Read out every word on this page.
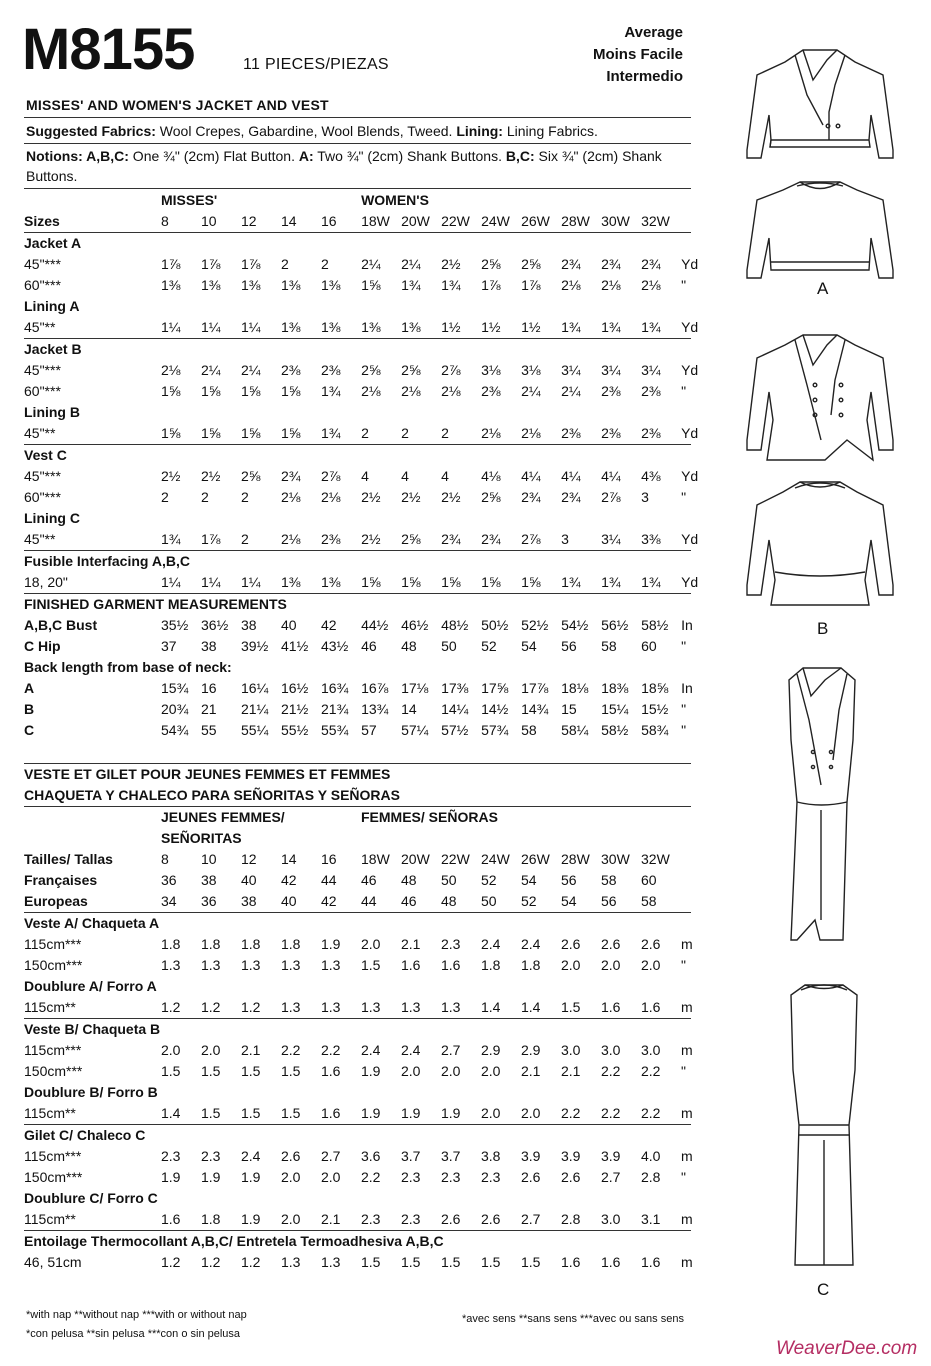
M8155	11 PIECES/PIEZAS
Average
Moins Facile
Intermedio
MISSES' AND WOMEN'S JACKET AND VEST
Suggested Fabrics: Wool Crepes, Gabardine, Wool Blends, Tweed. Lining: Lining Fabrics.
Notions: A,B,C: One ¾" (2cm) Flat Button. A: Two ¾" (2cm) Shank Buttons. B,C: Six ¾" (2cm) Shank
Buttons.
	MISSES'					WOMEN'S								
Sizes	8	10	12	14	16	18W	20W	22W	24W	26W	28W	30W	32W	
Jacket A														
45"***	1⅞	1⅞	1⅞	2	2	2¼	2¼	2½	2⅝	2⅝	2¾	2¾	2¾	Yd
60"***	1⅜	1⅜	1⅜	1⅜	1⅜	1⅝	1¾	1¾	1⅞	1⅞	2⅛	2⅛	2⅛	"
Lining A														
45"**	1¼	1¼	1¼	1⅜	1⅜	1⅜	1⅜	1½	1½	1½	1¾	1¾	1¾	Yd
Jacket B														
45"***	2⅛	2¼	2¼	2⅜	2⅜	2⅝	2⅝	2⅞	3⅛	3⅛	3¼	3¼	3¼	Yd
60"***	1⅝	1⅝	1⅝	1⅝	1¾	2⅛	2⅛	2⅛	2⅜	2¼	2¼	2⅜	2⅜	"
Lining B														
45"**	1⅝	1⅝	1⅝	1⅝	1¾	2	2	2	2⅛	2⅛	2⅜	2⅜	2⅜	Yd
Vest C														
45"***	2½	2½	2⅝	2¾	2⅞	4	4	4	4⅛	4¼	4¼	4¼	4⅜	Yd
60"***	2	2	2	2⅛	2⅛	2½	2½	2½	2⅝	2¾	2¾	2⅞	3	"
Lining C														
45"**	1¾	1⅞	2	2⅛	2⅜	2½	2⅝	2¾	2¾	2⅞	3	3¼	3⅜	Yd
Fusible Interfacing A,B,C														
18, 20"	1¼	1¼	1¼	1⅜	1⅜	1⅝	1⅝	1⅝	1⅝	1⅝	1¾	1¾	1¾	Yd
FINISHED GARMENT MEASUREMENTS														
A,B,C Bust	35½	36½	38	40	42	44½	46½	48½	50½	52½	54½	56½	58½	In
C Hip	37	38	39½	41½	43½	46	48	50	52	54	56	58	60	"
Back length from base of neck:														
A	15¾	16	16¼	16½	16¾	16⅞	17⅛	17⅜	17⅝	17⅞	18⅛	18⅜	18⅝	In
B	20¾	21	21¼	21½	21¾	13¾	14	14¼	14½	14¾	15	15¼	15½	"
C	54¾	55	55¼	55½	55¾	57	57¼	57½	57¾	58	58¼	58½	58¾	"
VESTE ET GILET POUR JEUNES FEMMES ET FEMMES														
CHAQUETA Y CHALECO PARA SEÑORITAS Y SEÑORAS														
	JEUNES FEMMES/					FEMMES/ SEÑORAS								
	SEÑORITAS													
Tailles/ Tallas	8	10	12	14	16	18W	20W	22W	24W	26W	28W	30W	32W	
Françaises	36	38	40	42	44	46	48	50	52	54	56	58	60	
Europeas	34	36	38	40	42	44	46	48	50	52	54	56	58	
Veste A/ Chaqueta A														
115cm***	1.8	1.8	1.8	1.8	1.9	2.0	2.1	2.3	2.4	2.4	2.6	2.6	2.6	m
150cm***	1.3	1.3	1.3	1.3	1.3	1.5	1.6	1.6	1.8	1.8	2.0	2.0	2.0	"
Doublure A/ Forro A														
115cm**	1.2	1.2	1.2	1.3	1.3	1.3	1.3	1.3	1.4	1.4	1.5	1.6	1.6	m
Veste B/ Chaqueta B														
115cm***	2.0	2.0	2.1	2.2	2.2	2.4	2.4	2.7	2.9	2.9	3.0	3.0	3.0	m
150cm***	1.5	1.5	1.5	1.5	1.6	1.9	2.0	2.0	2.0	2.1	2.1	2.2	2.2	"
Doublure B/ Forro B														
115cm**	1.4	1.5	1.5	1.5	1.6	1.9	1.9	1.9	2.0	2.0	2.2	2.2	2.2	m
Gilet C/ Chaleco C														
115cm***	2.3	2.3	2.4	2.6	2.7	3.6	3.7	3.7	3.8	3.9	3.9	3.9	4.0	m
150cm***	1.9	1.9	1.9	2.0	2.0	2.2	2.3	2.3	2.3	2.6	2.6	2.7	2.8	"
Doublure C/ Forro C														
115cm**	1.6	1.8	1.9	2.0	2.1	2.3	2.3	2.6	2.6	2.7	2.8	3.0	3.1	m
Entoilage Thermocollant A,B,C/ Entretela Termoadhesiva A,B,C														
46, 51cm	1.2	1.2	1.2	1.3	1.3	1.5	1.5	1.5	1.5	1.5	1.6	1.6	1.6	m
*with nap **without nap ***with or without nap
*con pelusa **sin pelusa ***con o sin pelusa
*avec sens **sans sens ***avec ou sans sens
A
B
C
WeaverDee.com
